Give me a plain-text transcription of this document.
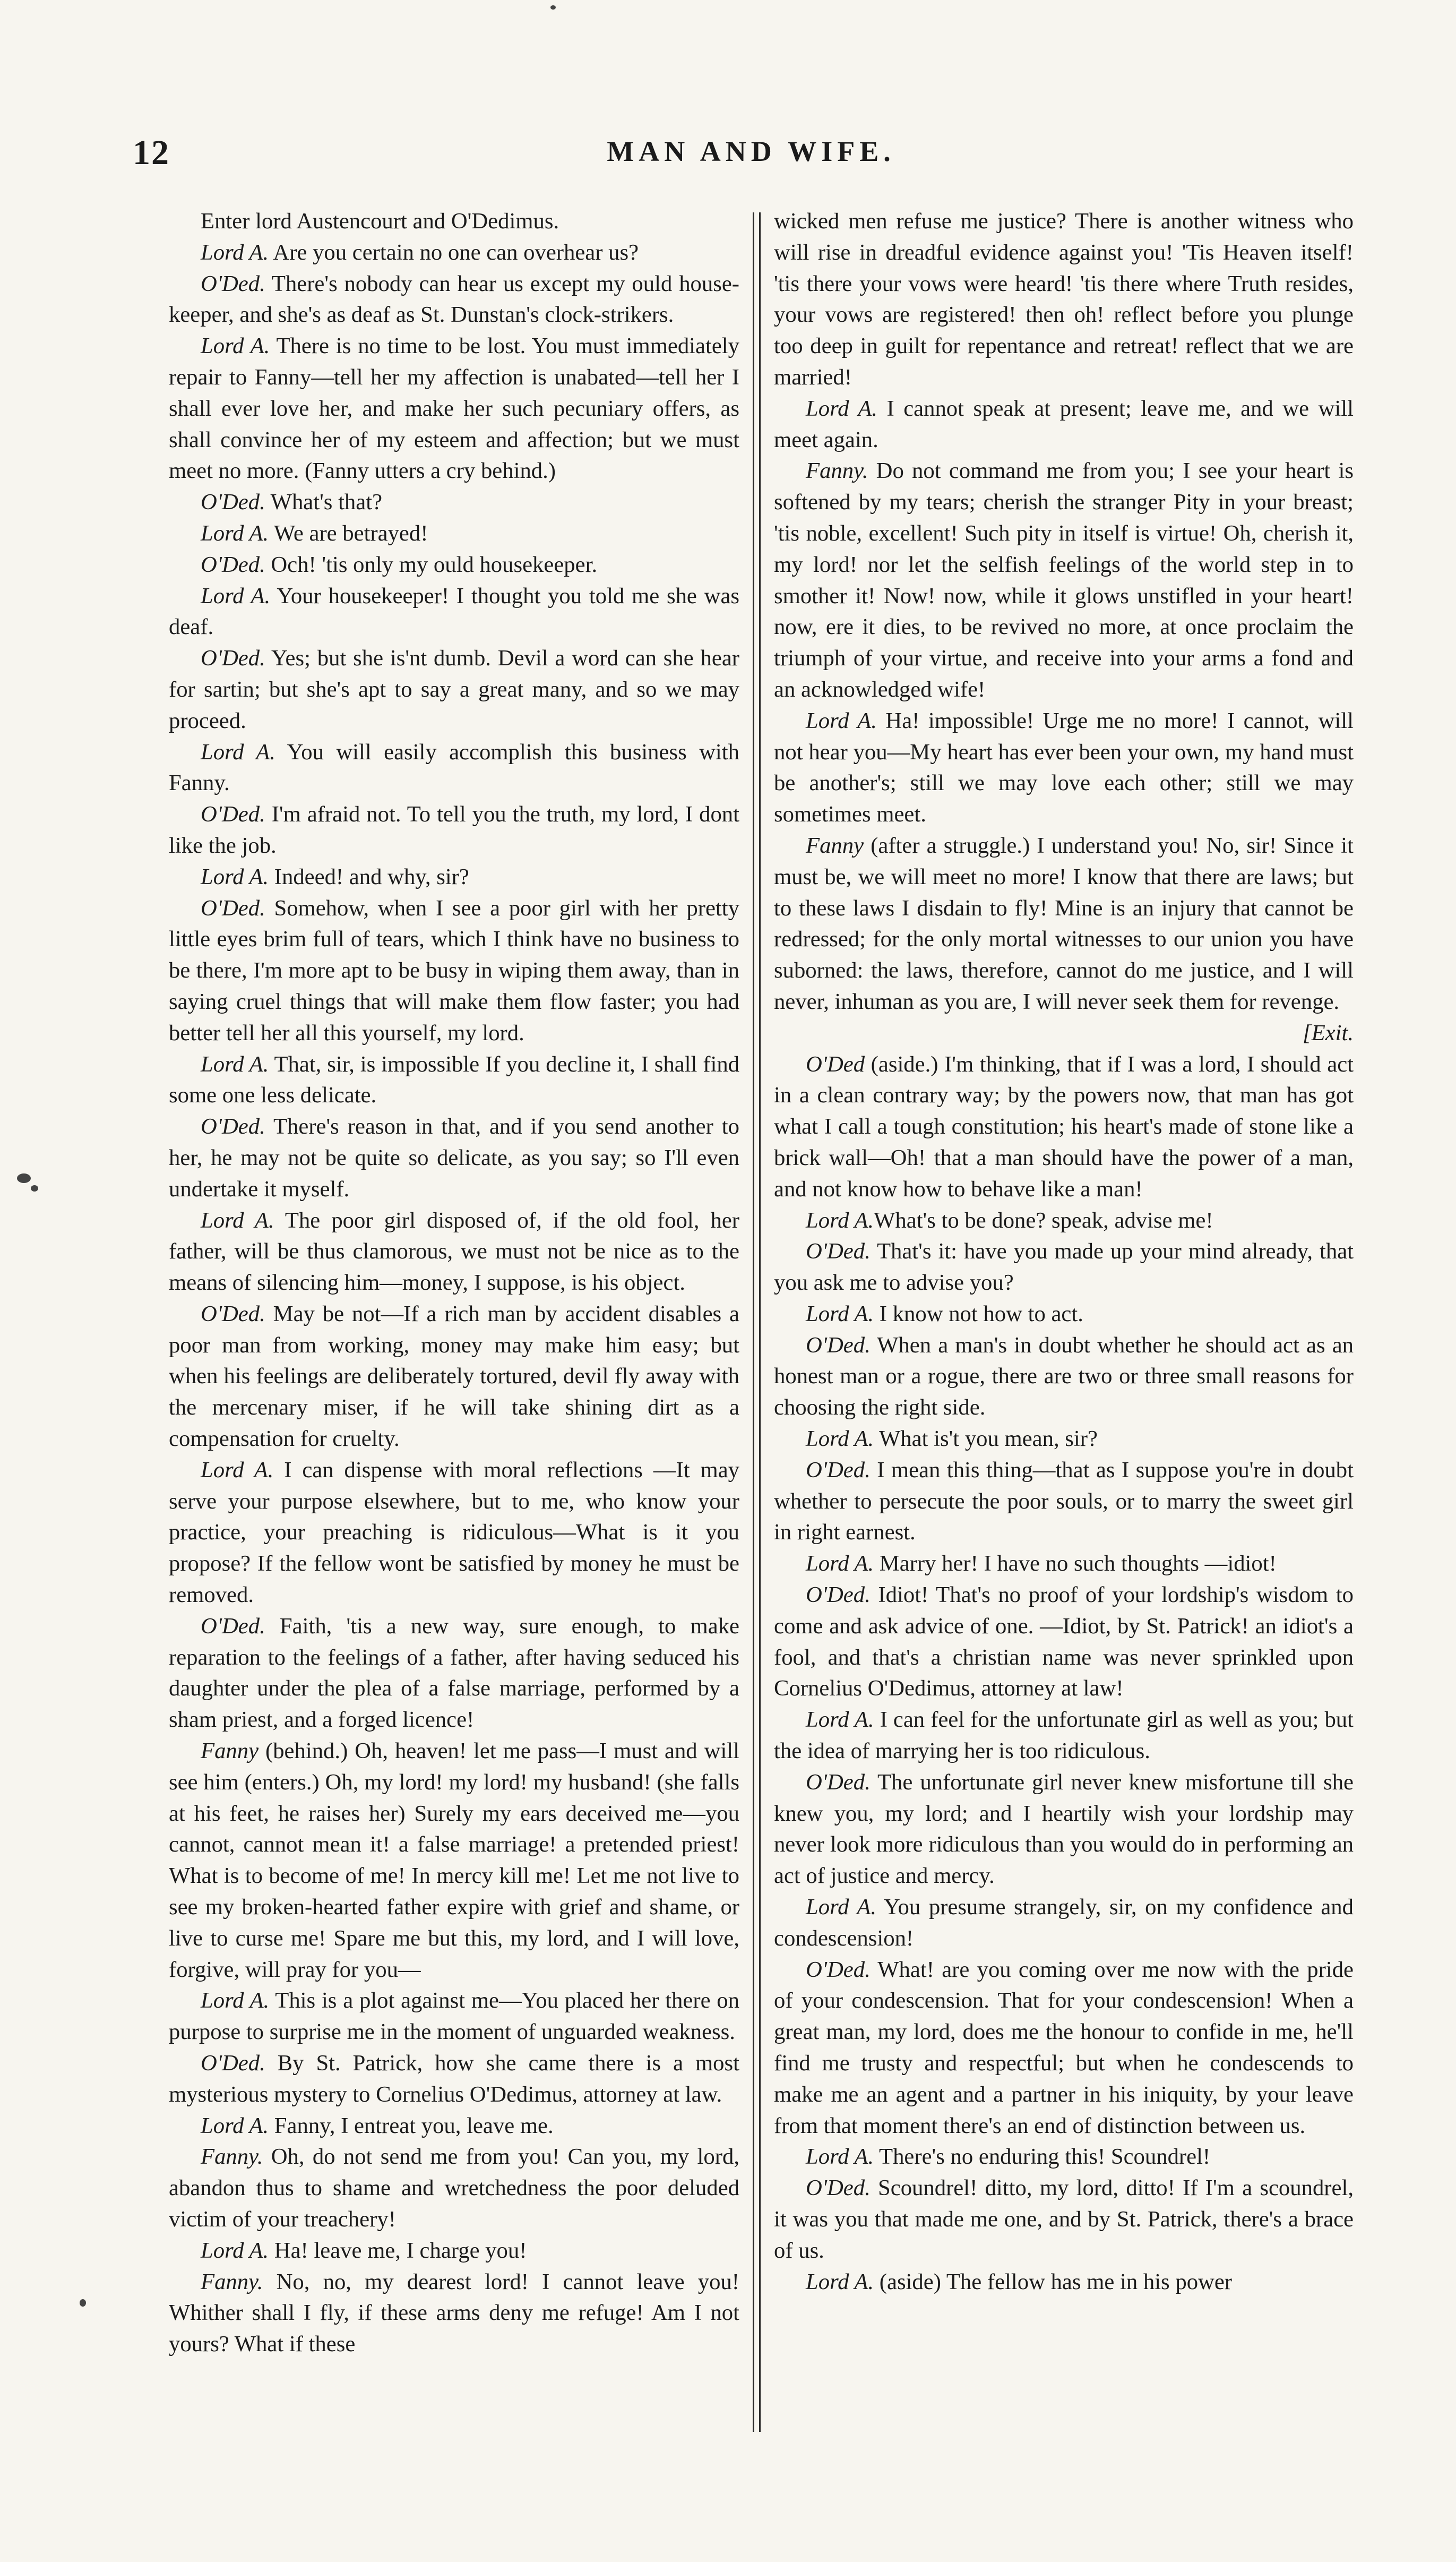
12	MAN AND WIFE.

Enter lord Austencourt and O'Dedimus.

Lord A. Are you certain no one can overhear us?

O'Ded. There's nobody can hear us except my ould house-keeper, and she's as deaf as St. Dunstan's clock-strikers.

Lord A. There is no time to be lost. You must immediately repair to Fanny—tell her my affection is unabated—tell her I shall ever love her, and make her such pecuniary offers, as shall convince her of my esteem and affection; but we must meet no more. (Fanny utters a cry behind.)

O'Ded. What's that?

Lord A. We are betrayed!

O'Ded. Och! 'tis only my ould housekeeper.

Lord A. Your housekeeper! I thought you told me she was deaf.

O'Ded. Yes; but she is'nt dumb. Devil a word can she hear for sartin; but she's apt to say a great many, and so we may proceed.

Lord A. You will easily accomplish this business with Fanny.

O'Ded. I'm afraid not. To tell you the truth, my lord, I dont like the job.

Lord A. Indeed! and why, sir?

O'Ded. Somehow, when I see a poor girl with her pretty little eyes brim full of tears, which I think have no business to be there, I'm more apt to be busy in wiping them away, than in saying cruel things that will make them flow faster; you had better tell her all this yourself, my lord.

Lord A. That, sir, is impossible If you decline it, I shall find some one less delicate.

O'Ded. There's reason in that, and if you send another to her, he may not be quite so delicate, as you say; so I'll even undertake it myself.

Lord A. The poor girl disposed of, if the old fool, her father, will be thus clamorous, we must not be nice as to the means of silencing him—money, I suppose, is his object.

O'Ded. May be not—If a rich man by accident disables a poor man from working, money may make him easy; but when his feelings are deliberately tortured, devil fly away with the mercenary miser, if he will take shining dirt as a compensation for cruelty.

Lord A. I can dispense with moral reflections —It may serve your purpose elsewhere, but to me, who know your practice, your preaching is ridiculous—What is it you propose? If the fellow wont be satisfied by money he must be removed.

O'Ded. Faith, 'tis a new way, sure enough, to make reparation to the feelings of a father, after having seduced his daughter under the plea of a false marriage, performed by a sham priest, and a forged licence!

Fanny (behind.) Oh, heaven! let me pass—I must and will see him (enters.) Oh, my lord! my lord! my husband! (she falls at his feet, he raises her) Surely my ears deceived me—you cannot, cannot mean it! a false marriage! a pretended priest! What is to become of me! In mercy kill me! Let me not live to see my broken-hearted father expire with grief and shame, or live to curse me! Spare me but this, my lord, and I will love, forgive, will pray for you—

Lord A. This is a plot against me—You placed her there on purpose to surprise me in the moment of unguarded weakness.

O'Ded. By St. Patrick, how she came there is a most mysterious mystery to Cornelius O'Dedimus, attorney at law.

Lord A. Fanny, I entreat you, leave me.

Fanny. Oh, do not send me from you! Can you, my lord, abandon thus to shame and wretchedness the poor deluded victim of your treachery!

Lord A. Ha! leave me, I charge you!

Fanny. No, no, my dearest lord! I cannot leave you! Whither shall I fly, if these arms deny me refuge! Am I not yours? What if these

wicked men refuse me justice? There is another witness who will rise in dreadful evidence against you! 'Tis Heaven itself! 'tis there your vows were heard! 'tis there where Truth resides, your vows are registered! then oh! reflect before you plunge too deep in guilt for repentance and retreat! reflect that we are married!

Lord A. I cannot speak at present; leave me, and we will meet again.

Fanny. Do not command me from you; I see your heart is softened by my tears; cherish the stranger Pity in your breast; 'tis noble, excellent! Such pity in itself is virtue! Oh, cherish it, my lord! nor let the selfish feelings of the world step in to smother it! Now! now, while it glows unstifled in your heart! now, ere it dies, to be revived no more, at once proclaim the triumph of your virtue, and receive into your arms a fond and an acknowledged wife!

Lord A. Ha! impossible! Urge me no more! I cannot, will not hear you—My heart has ever been your own, my hand must be another's; still we may love each other; still we may sometimes meet.

Fanny (after a struggle.) I understand you! No, sir! Since it must be, we will meet no more! I know that there are laws; but to these laws I disdain to fly! Mine is an injury that cannot be redressed; for the only mortal witnesses to our union you have suborned: the laws, therefore, cannot do me justice, and I will never, inhuman as you are, I will never seek them for revenge.

[Exit.

O'Ded (aside.) I'm thinking, that if I was a lord, I should act in a clean contrary way; by the powers now, that man has got what I call a tough constitution; his heart's made of stone like a brick wall—Oh! that a man should have the power of a man, and not know how to behave like a man!

Lord A.What's to be done? speak, advise me!

O'Ded. That's it: have you made up your mind already, that you ask me to advise you?

Lord A. I know not how to act.

O'Ded. When a man's in doubt whether he should act as an honest man or a rogue, there are two or three small reasons for choosing the right side.

Lord A. What is't you mean, sir?

O'Ded. I mean this thing—that as I suppose you're in doubt whether to persecute the poor souls, or to marry the sweet girl in right earnest.

Lord A. Marry her! I have no such thoughts —idiot!

O'Ded. Idiot! That's no proof of your lordship's wisdom to come and ask advice of one. —Idiot, by St. Patrick! an idiot's a fool, and that's a christian name was never sprinkled upon Cornelius O'Dedimus, attorney at law!

Lord A. I can feel for the unfortunate girl as well as you; but the idea of marrying her is too ridiculous.

O'Ded. The unfortunate girl never knew misfortune till she knew you, my lord; and I heartily wish your lordship may never look more ridiculous than you would do in performing an act of justice and mercy.

Lord A. You presume strangely, sir, on my confidence and condescension!

O'Ded. What! are you coming over me now with the pride of your condescension. That for your condescension! When a great man, my lord, does me the honour to confide in me, he'll find me trusty and respectful; but when he condescends to make me an agent and a partner in his iniquity, by your leave from that moment there's an end of distinction between us.

Lord A. There's no enduring this! Scoundrel!

O'Ded. Scoundrel! ditto, my lord, ditto! If I'm a scoundrel, it was you that made me one, and by St. Patrick, there's a brace of us.

Lord A. (aside) The fellow has me in his power
